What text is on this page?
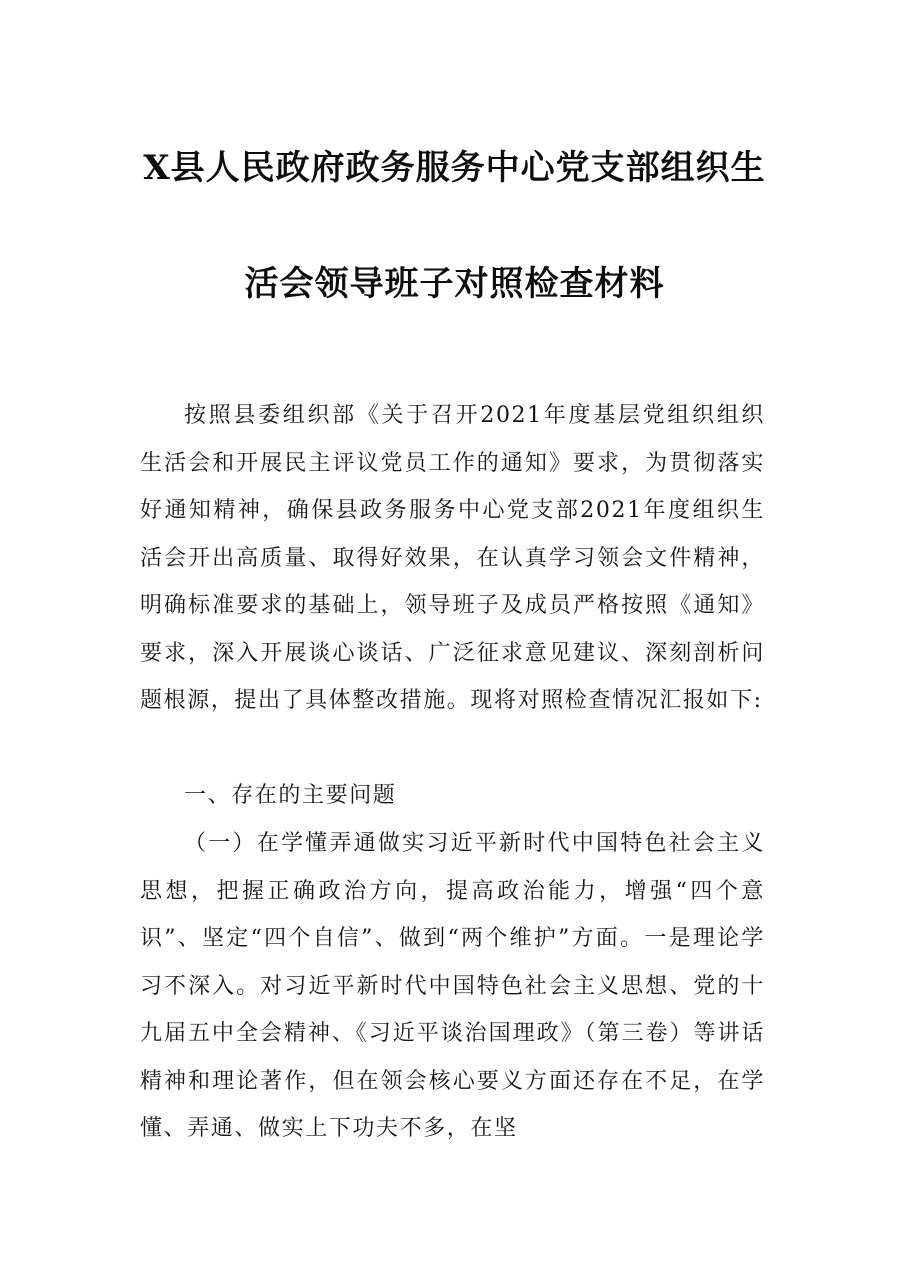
X县人民政府政务服务中心党支部组织生
活会领导班子对照检查材料

按照县委组织部《关于召开2021年度基层党组织组织生活会和开展民主评议党员工作的通知》要求，为贯彻落实好通知精神，确保县政务服务中心党支部2021年度组织生活会开出高质量、取得好效果，在认真学习领会文件精神，明确标准要求的基础上，领导班子及成员严格按照《通知》要求，深入开展谈心谈话、广泛征求意见建议、深刻剖析问题根源，提出了具体整改措施。现将对照检查情况汇报如下:

一、存在的主要问题

（一）在学懂弄通做实习近平新时代中国特色社会主义思想，把握正确政治方向，提高政治能力，增强“四个意识”、坚定“四个自信”、做到“两个维护”方面。一是理论学习不深入。对习近平新时代中国特色社会主义思想、党的十九届五中全会精神、《习近平谈治国理政》（第三卷）等讲话精神和理论著作，但在领会核心要义方面还存在不足，在学懂、弄通、做实上下功夫不多，在坚
